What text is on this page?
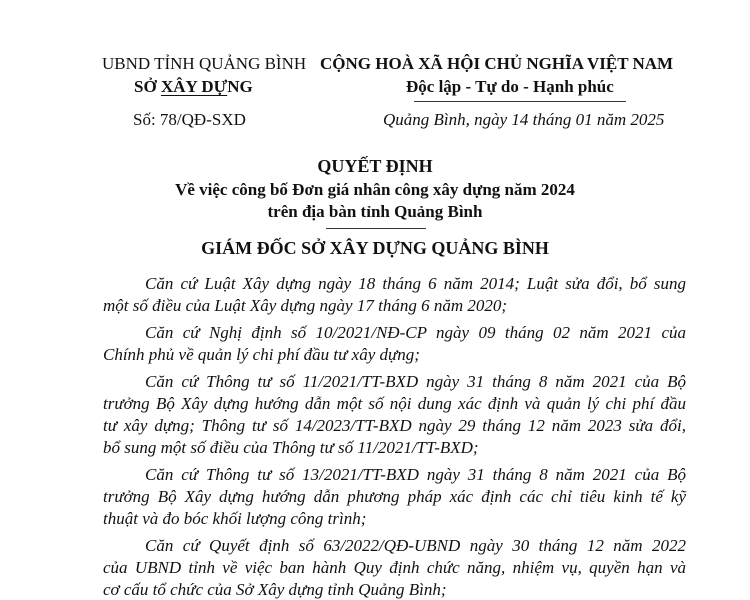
UBND TỈNH QUẢNG BÌNH
SỞ XÂY DỰNG
CỘNG HOÀ XÃ HỘI CHỦ NGHĨA VIỆT NAM
Độc lập - Tự do - Hạnh phúc
Số: 78/QĐ-SXD	Quảng Bình, ngày 14 tháng 01 năm 2025
QUYẾT ĐỊNH
Về việc công bố Đơn giá nhân công xây dựng năm 2024
trên địa bàn tỉnh Quảng Bình
GIÁM ĐỐC SỞ XÂY DỰNG QUẢNG BÌNH
Căn cứ Luật Xây dựng ngày 18 tháng 6 năm 2014; Luật sửa đổi, bổ sung
một số điều của Luật Xây dựng ngày 17 tháng 6 năm 2020;
Căn cứ Nghị định số 10/2021/NĐ-CP ngày 09 tháng 02 năm 2021 của
Chính phủ về quản lý chi phí đầu tư xây dựng;
Căn cứ Thông tư số 11/2021/TT-BXD ngày 31 tháng 8 năm 2021 của Bộ
trưởng Bộ Xây dựng hướng dẫn một số nội dung xác định và quản lý chi phí đầu
tư xây dựng; Thông tư số 14/2023/TT-BXD ngày 29 tháng 12 năm 2023 sửa đổi,
bổ sung một số điều của Thông tư số 11/2021/TT-BXD;
Căn cứ Thông tư số 13/2021/TT-BXD ngày 31 tháng 8 năm 2021 của Bộ
trưởng Bộ Xây dựng hướng dẫn phương pháp xác định các chỉ tiêu kinh tế kỹ
thuật và đo bóc khối lượng công trình;
Căn cứ Quyết định số 63/2022/QĐ-UBND ngày 30 tháng 12 năm 2022
của UBND tỉnh về việc ban hành Quy định chức năng, nhiệm vụ, quyền hạn và
cơ cấu tổ chức của Sở Xây dựng tỉnh Quảng Bình;
